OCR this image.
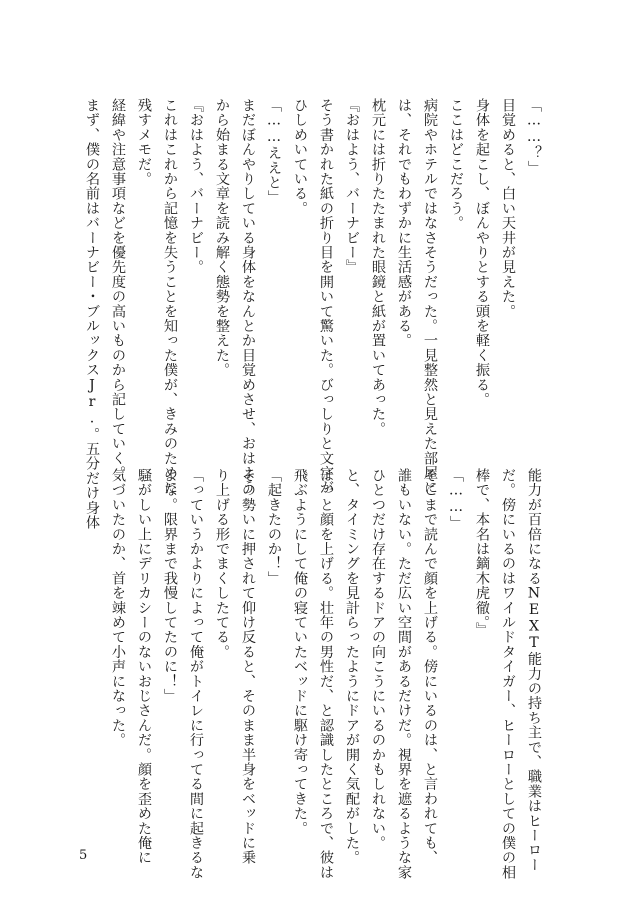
「……？」
目覚めると、白い天井が見えた。
身体を起こし、ぼんやりとする頭を軽く振る。
ここはどこだろう。
病院やホテルではなさそうだった。一見整然と見えた部屋に
は、それでもわずかに生活感がある。
枕元には折りたたまれた眼鏡と紙が置いてあった。
『おはよう、バーナビー』
そう書かれた紙の折り目を開いて驚いた。びっしりと文字が
ひしめいている。
「……ええと」
まだぼんやりしている身体をなんとか目覚めさせ、おはよう
から始まる文章を読み解く態勢を整えた。
『おはよう、バーナビー。
これはこれから記憶を失うことを知った僕が、きみのために
残すメモだ。
経緯や注意事項などを優先度の高いものから記していく。
まず、僕の名前はバーナビー・ブルックスJr.。五分だけ身体
能力が百倍になるNEXT能力の持ち主で、職業はヒーロー
だ。傍にいるのはワイルドタイガー、ヒーローとしての僕の相
棒で、本名は鏑木虎徹。』
「……」
そこまで読んで顔を上げる。傍にいるのは、と言われても、
誰もいない。ただ広い空間があるだけだ。視界を遮るような家
ひとつだけ存在するドアの向こうにいるのかもしれない。
と、タイミングを見計らったようにドアが開く気配がした。
はっと顔を上げる。壮年の男性だ、と認識したところで、彼は
飛ぶようにして俺の寝ていたベッドに駆け寄ってきた。
「起きたのか！」
その勢いに押されて仰け反ると、そのまま半身をベッドに乗
り上げる形でまくしたてる。
「っていうかよりによって俺がトイレに行ってる間に起きるな
よな。限界まで我慢してたのに！」
騒がしい上にデリカシーのないおじさんだ。顔を歪めた俺に
気づいたのか、首を竦めて小声になった。
5
